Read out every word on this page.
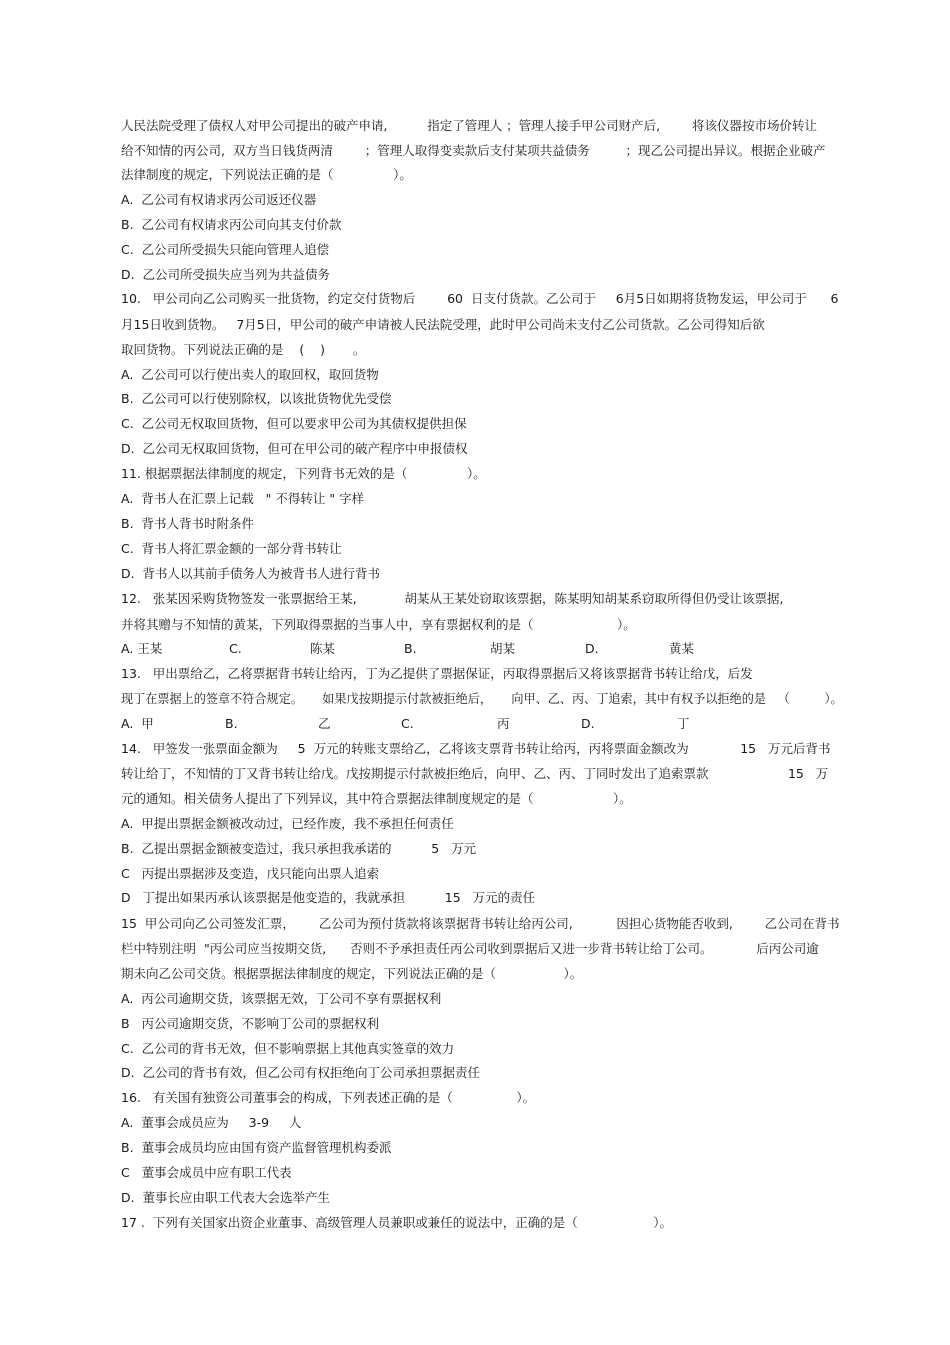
人民法院受理了债权人对甲公司提出的破产申请,          指定了管理人 ；管理人接手甲公司财产后,        将该仪器按市场价转让
给不知情的丙公司,  双方当日钱货两清        ；管理人取得变卖款后支付某项共益债务         ；现乙公司提出异议。根据企业破产
法律制度的规定，下列说法正确的是（               ）。
A.  乙公司有权请求丙公司返还仪器
B.  乙公司有权请求丙公司向其支付价款
C.  乙公司所受损失只能向管理人追偿
D.  乙公司所受损失应当列为共益债务
10.   甲公司向乙公司购买一批货物，约定交付货物后        60  日支付货款。乙公司于     6月5日如期将货物发运，甲公司于      6
月15日收到货物。   7月5日，甲公司的破产申请被人民法院受理，此时甲公司尚未支付乙公司货款。乙公司得知后欲
取回货物。下列说法正确的是    (    )       。
A.  乙公司可以行使出卖人的取回权，取回货物
B.  乙公司可以行使别除权，以该批货物优先受偿
C.  乙公司无权取回货物，但可以要求甲公司为其债权提供担保
D.  乙公司无权取回货物，但可在甲公司的破产程序中申报债权
11. 根据票据法律制度的规定，下列背书无效的是（               ）。
A.  背书人在汇票上记载   " 不得转让 " 字样
B.  背书人背书时附条件
C.  背书人将汇票金额的一部分背书转让
D.  背书人以其前手债务人为被背书人进行背书
12.   张某因采购货物签发一张票据给王某,            胡某从王某处窃取该票据，陈某明知胡某系窃取所得但仍受让该票据,
并将其赠与不知情的黄某，下列取得票据的当事人中，享有票据权利的是（                     ）。
A. 王某	C.	陈某	B.	胡某	D.	黄某
13.   甲出票给乙，乙将票据背书转让给丙，丁为乙提供了票据保证，丙取得票据后又将该票据背书转让给戊，后发
现丁在票据上的签章不符合规定。     如果戊按期提示付款被拒绝后，     向甲、乙、丙、丁追索，其中有权予以拒绝的是   （         ）。
A.  甲	B.	乙	C.	丙	D.	丁
14.   甲签发一张票面金额为     5  万元的转账支票给乙，乙将该支票背书转让给丙，丙将票面金额改为             15   万元后背书
转让给丁，不知情的丁又背书转让给戊。戊按期提示付款被拒绝后，向甲、乙、丙、丁同时发出了追索票款                    15   万
元的通知。相关债务人提出了下列异议，其中符合票据法律制度规定的是（                    ）。
A.  甲提出票据金额被改动过，已经作废，我不承担任何责任
B.  乙提出票据金额被变造过，我只承担我承诺的          5   万元
C   丙提出票据涉及变造，戊只能向出票人追索
D   丁提出如果丙承认该票据是他变造的，我就承担          15   万元的责任
15  甲公司向乙公司签发汇票，      乙公司为预付货款将该票据背书转让给丙公司,           因担心货物能否收到,        乙公司在背书
栏中特别注明  "丙公司应当按期交货,      否则不予承担责任丙公司收到票据后又进一步背书转让给丁公司。           后丙公司逾
期未向乙公司交货。根据票据法律制度的规定，下列说法正确的是（                 ）。
A.  丙公司逾期交货，该票据无效，丁公司不享有票据权利
B   丙公司逾期交货，不影响丁公司的票据权利
C.  乙公司的背书无效，但不影响票据上其他真实签章的效力
D.  乙公司的背书有效，但乙公司有权拒绝向丁公司承担票据责任
16.   有关国有独资公司董事会的构成，下列表述正确的是（                ）。
A.  董事会成员应为     3-9     人
B.  董事会成员均应由国有资产监督管理机构委派
C   董事会成员中应有职工代表
D.  董事长应由职工代表大会选举产生
17 .  下列有关国家出资企业董事、高级管理人员兼职或兼任的说法中，正确的是（                   ）。
